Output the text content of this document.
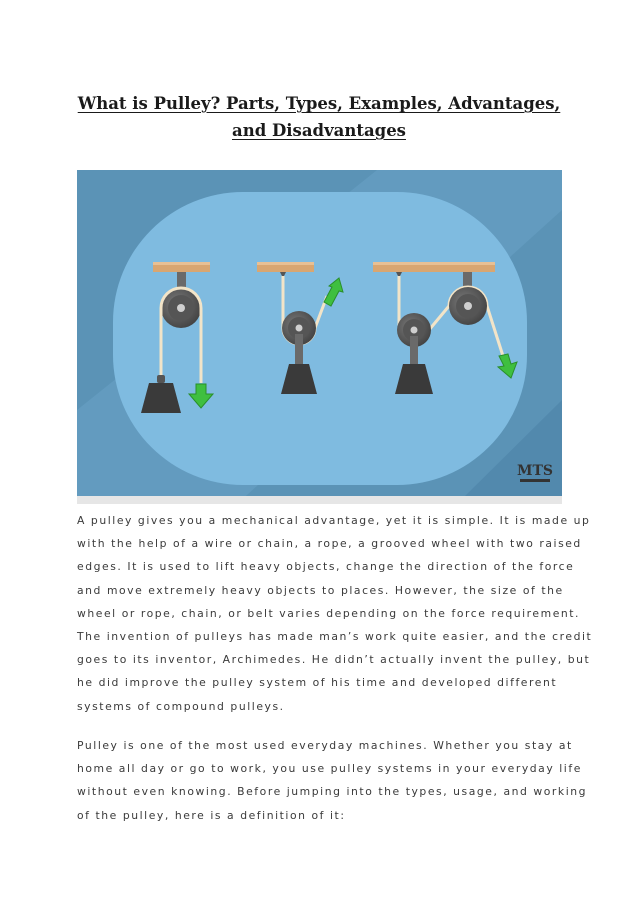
What is Pulley? Parts, Types, Examples, Advantages,
and Disadvantages
MTS

A pulley gives you a mechanical advantage, yet it is simple. It is made up
with the help of a wire or chain, a rope, a grooved wheel with two raised
edges. It is used to lift heavy objects, change the direction of the force
and move extremely heavy objects to places. However, the size of the
wheel or rope, chain, or belt varies depending on the force requirement.
The invention of pulleys has made man’s work quite easier, and the credit
goes to its inventor, Archimedes. He didn’t actually invent the pulley, but
he did improve the pulley system of his time and developed different
systems of compound pulleys.

Pulley is one of the most used everyday machines. Whether you stay at
home all day or go to work, you use pulley systems in your everyday life
without even knowing. Before jumping into the types, usage, and working
of the pulley, here is a definition of it:
